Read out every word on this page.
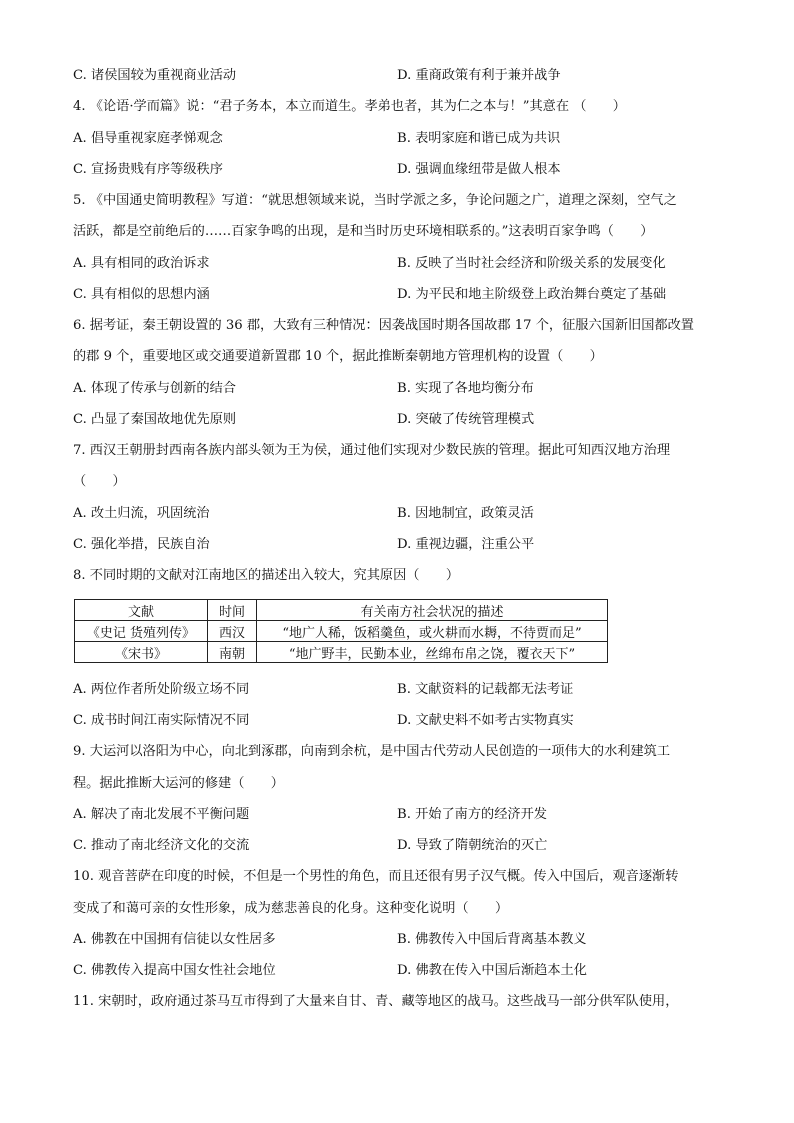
C. 诸侯国较为重视商业活动	D. 重商政策有利于兼并战争
4. 《论语·学而篇》说：“君子务本，本立而道生。孝弟也者，其为仁之本与！”其意在 （　　）
A. 倡导重视家庭孝悌观念	B. 表明家庭和谐已成为共识
C. 宣扬贵贱有序等级秩序	D. 强调血缘纽带是做人根本
5. 《中国通史简明教程》写道：“就思想领域来说，当时学派之多，争论问题之广，道理之深刻，空气之
活跃，都是空前绝后的……百家争鸣的出现，是和当时历史环境相联系的。”这表明百家争鸣（　　）
A. 具有相同的政治诉求	B. 反映了当时社会经济和阶级关系的发展变化
C. 具有相似的思想内涵	D. 为平民和地主阶级登上政治舞台奠定了基础
6. 据考证，秦王朝设置的 36 郡，大致有三种情况：因袭战国时期各国故郡 17 个，征服六国新旧国都改置
的郡 9 个，重要地区或交通要道新置郡 10 个，据此推断秦朝地方管理机构的设置（　　）
A. 体现了传承与创新的结合	B. 实现了各地均衡分布
C. 凸显了秦国故地优先原则	D. 突破了传统管理模式
7. 西汉王朝册封西南各族内部头领为王为侯，通过他们实现对少数民族的管理。据此可知西汉地方治理
（　　）
A. 改土归流，巩固统治	B. 因地制宜，政策灵活
C. 强化举措，民族自治	D. 重视边疆，注重公平
8. 不同时期的文献对江南地区的描述出入较大，究其原因（　　）
文献	时间	有关南方社会状况的描述
《史记 货殖列传》	西汉	“地广人稀，饭稻羹鱼，或火耕而水耨，不待贾而足”
《宋书》	南朝	“地广野丰，民勤本业，丝绵布帛之饶，覆衣天下”
A. 两位作者所处阶级立场不同	B. 文献资料的记载都无法考证
C. 成书时间江南实际情况不同	D. 文献史料不如考古实物真实
9. 大运河以洛阳为中心，向北到涿郡，向南到余杭，是中国古代劳动人民创造的一项伟大的水利建筑工
程。据此推断大运河的修建（　　）
A. 解决了南北发展不平衡问题	B. 开始了南方的经济开发
C. 推动了南北经济文化的交流	D. 导致了隋朝统治的灭亡
10. 观音菩萨在印度的时候，不但是一个男性的角色，而且还很有男子汉气概。传入中国后，观音逐渐转
变成了和蔼可亲的女性形象，成为慈悲善良的化身。这种变化说明（　　）
A. 佛教在中国拥有信徒以女性居多	B. 佛教传入中国后背离基本教义
C. 佛教传入提高中国女性社会地位	D. 佛教在传入中国后渐趋本土化
11. 宋朝时，政府通过茶马互市得到了大量来自甘、青、藏等地区的战马。这些战马一部分供军队使用，
